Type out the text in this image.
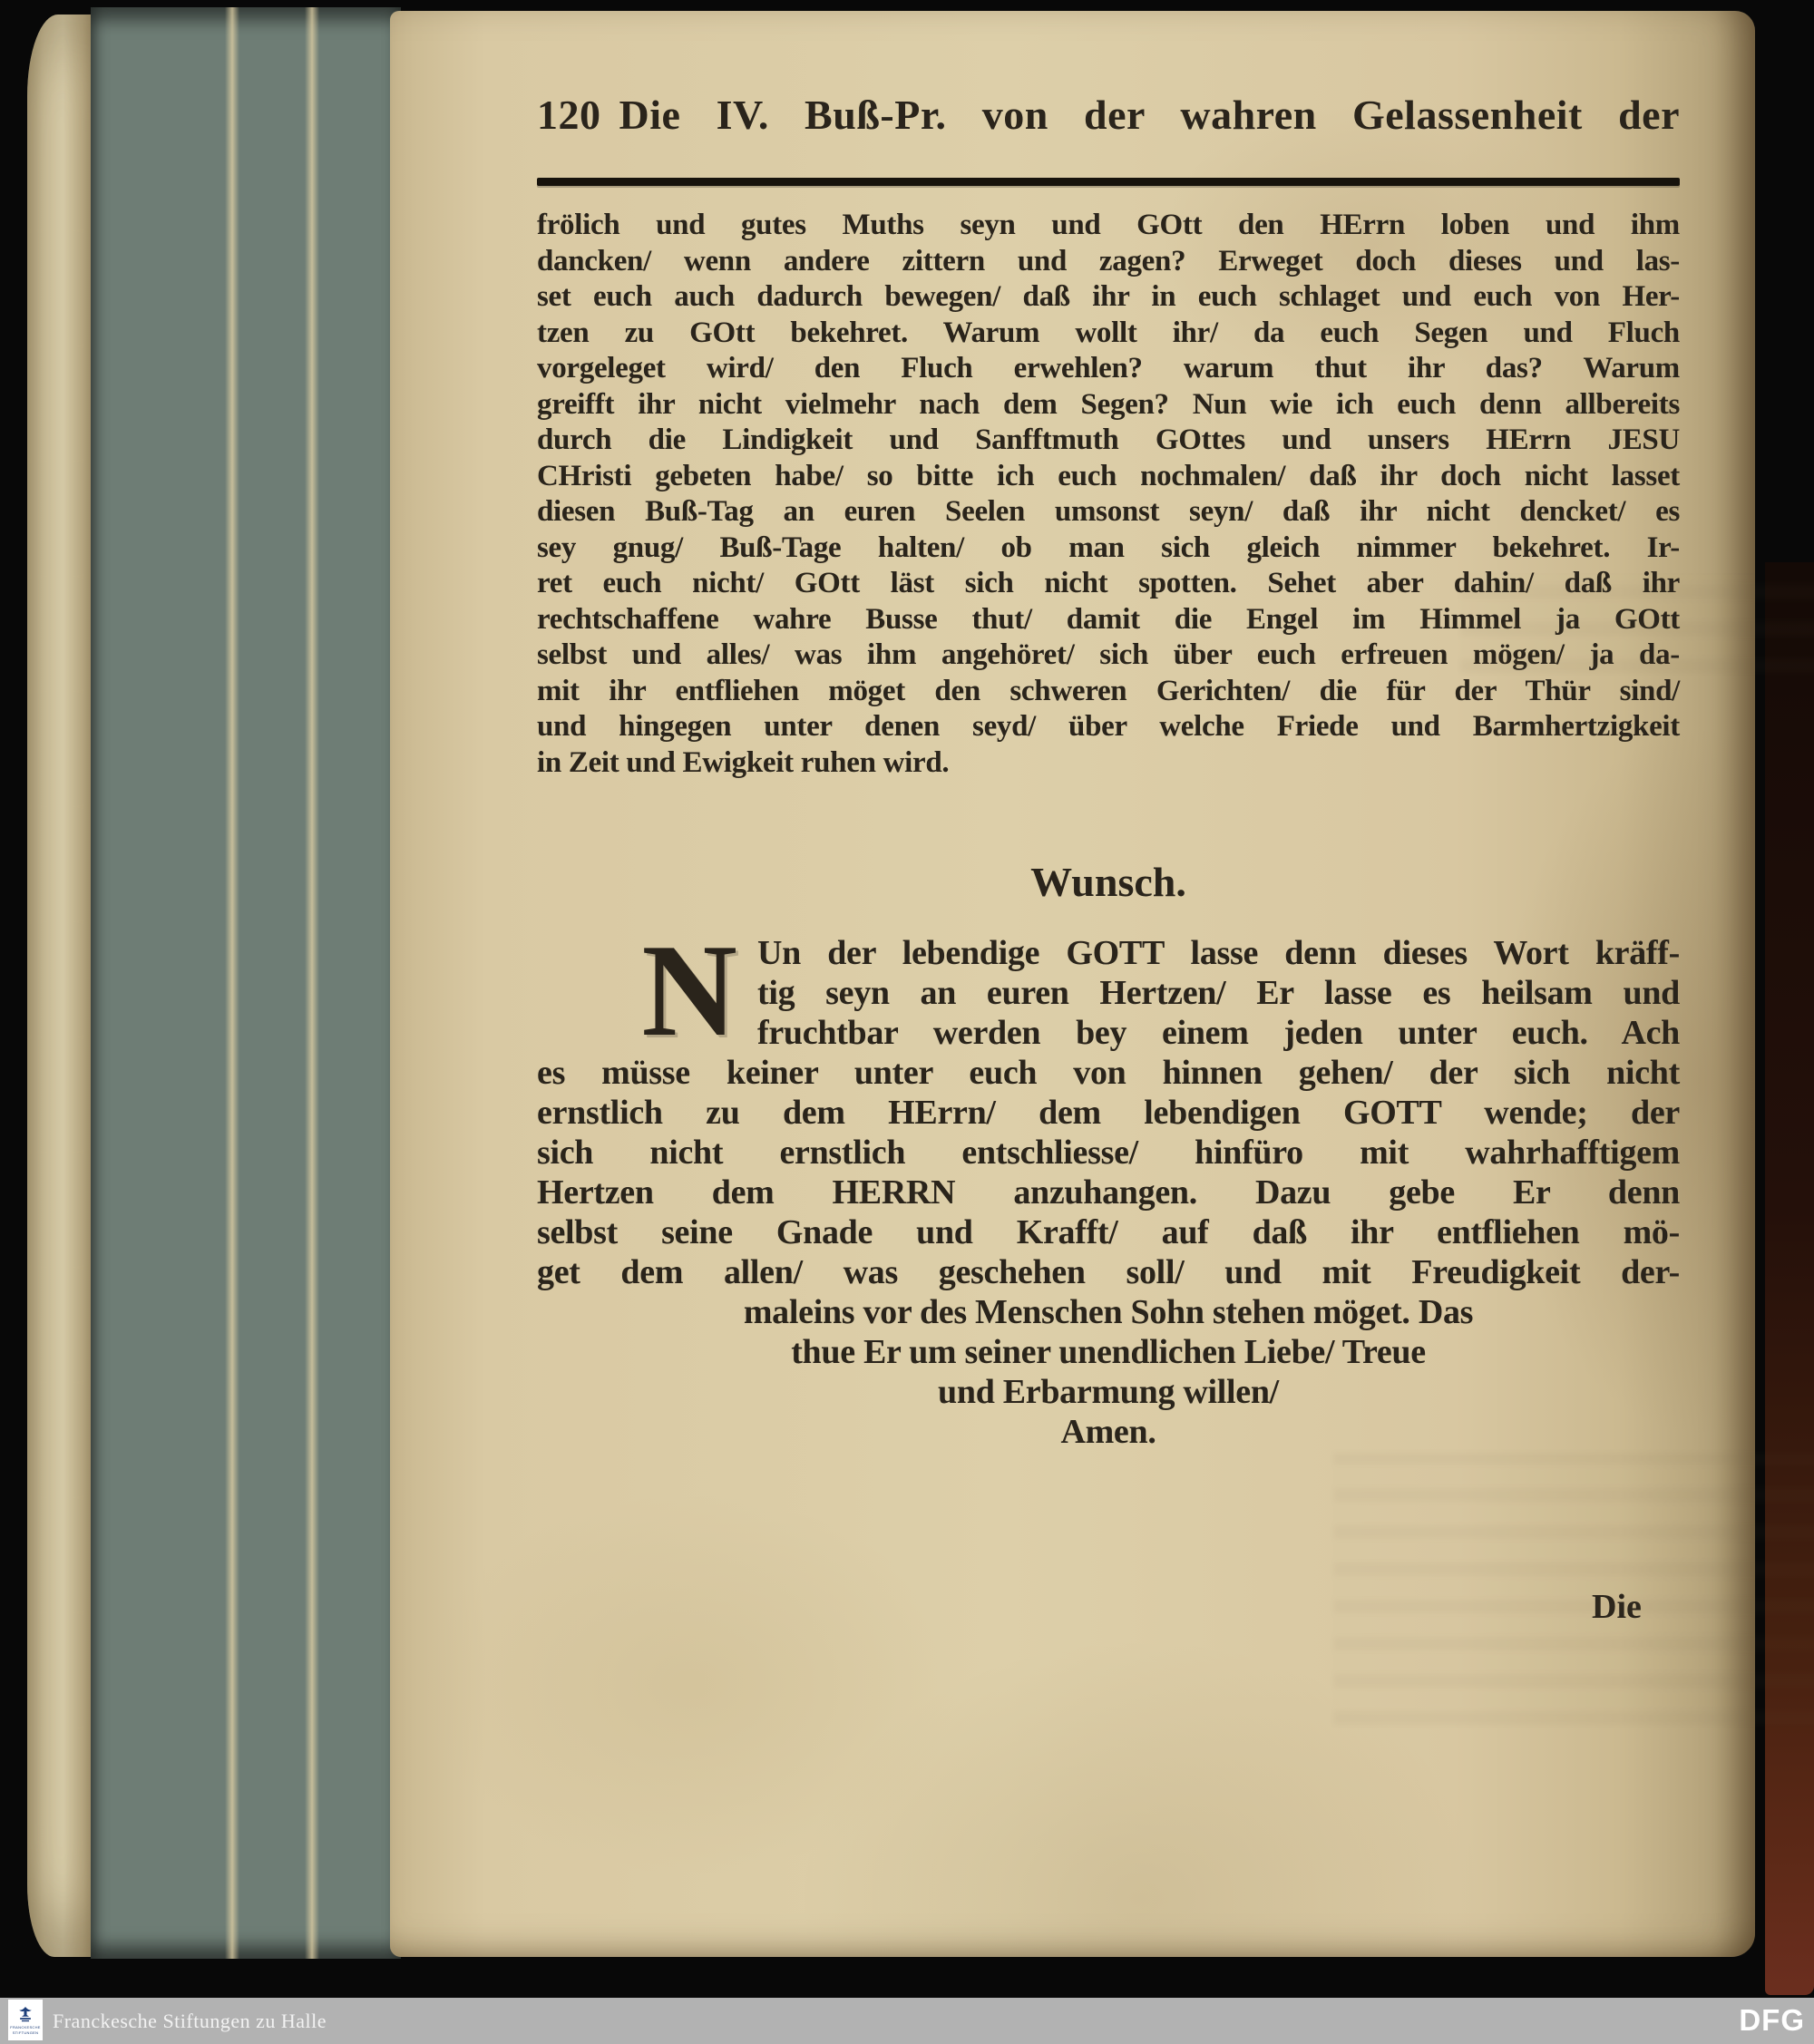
120 Die IV. Buß-Pr. von der wahren Gelassenheit der
frölich und gutes Muths seyn und GOtt den HErrn loben und ihm
dancken/ wenn andere zittern und zagen? Erweget doch dieses und las-
set euch auch dadurch bewegen/ daß ihr in euch schlaget und euch von Her-
tzen zu GOtt bekehret. Warum wollt ihr/ da euch Segen und Fluch
vorgeleget wird/ den Fluch erwehlen? warum thut ihr das? Warum
greifft ihr nicht vielmehr nach dem Segen? Nun wie ich euch denn allbereits
durch die Lindigkeit und Sanfftmuth GOttes und unsers HErrn JESU
CHristi gebeten habe/ so bitte ich euch nochmalen/ daß ihr doch nicht lasset
diesen Buß-Tag an euren Seelen umsonst seyn/ daß ihr nicht dencket/ es
sey gnug/ Buß-Tage halten/ ob man sich gleich nimmer bekehret. Ir-
ret euch nicht/ GOtt läst sich nicht spotten. Sehet aber dahin/ daß ihr
rechtschaffene wahre Busse thut/ damit die Engel im Himmel ja GOtt
selbst und alles/ was ihm angehöret/ sich über euch erfreuen mögen/ ja da-
mit ihr entfliehen möget den schweren Gerichten/ die für der Thür sind/
und hingegen unter denen seyd/ über welche Friede und Barmhertzigkeit
in Zeit und Ewigkeit ruhen wird.
Wunsch.
N Un der lebendige GOTT lasse denn dieses Wort kräff-
tig seyn an euren Hertzen/ Er lasse es heilsam und
fruchtbar werden bey einem jeden unter euch. Ach
es müsse keiner unter euch von hinnen gehen/ der sich nicht
ernstlich zu dem HErrn/ dem lebendigen GOTT wende; der
sich nicht ernstlich entschliesse/ hinfüro mit wahrhafftigem
Hertzen dem HERRN anzuhangen. Dazu gebe Er denn
selbst seine Gnade und Krafft/ auf daß ihr entfliehen mö-
get dem allen/ was geschehen soll/ und mit Freudigkeit der-
maleins vor des Menschen Sohn stehen möget. Das
thue Er um seiner unendlichen Liebe/ Treue
und Erbarmung willen/
Amen.
Die
FRANCKESCHE
STIFTUNGEN Franckesche Stiftungen zu Halle	DFG
